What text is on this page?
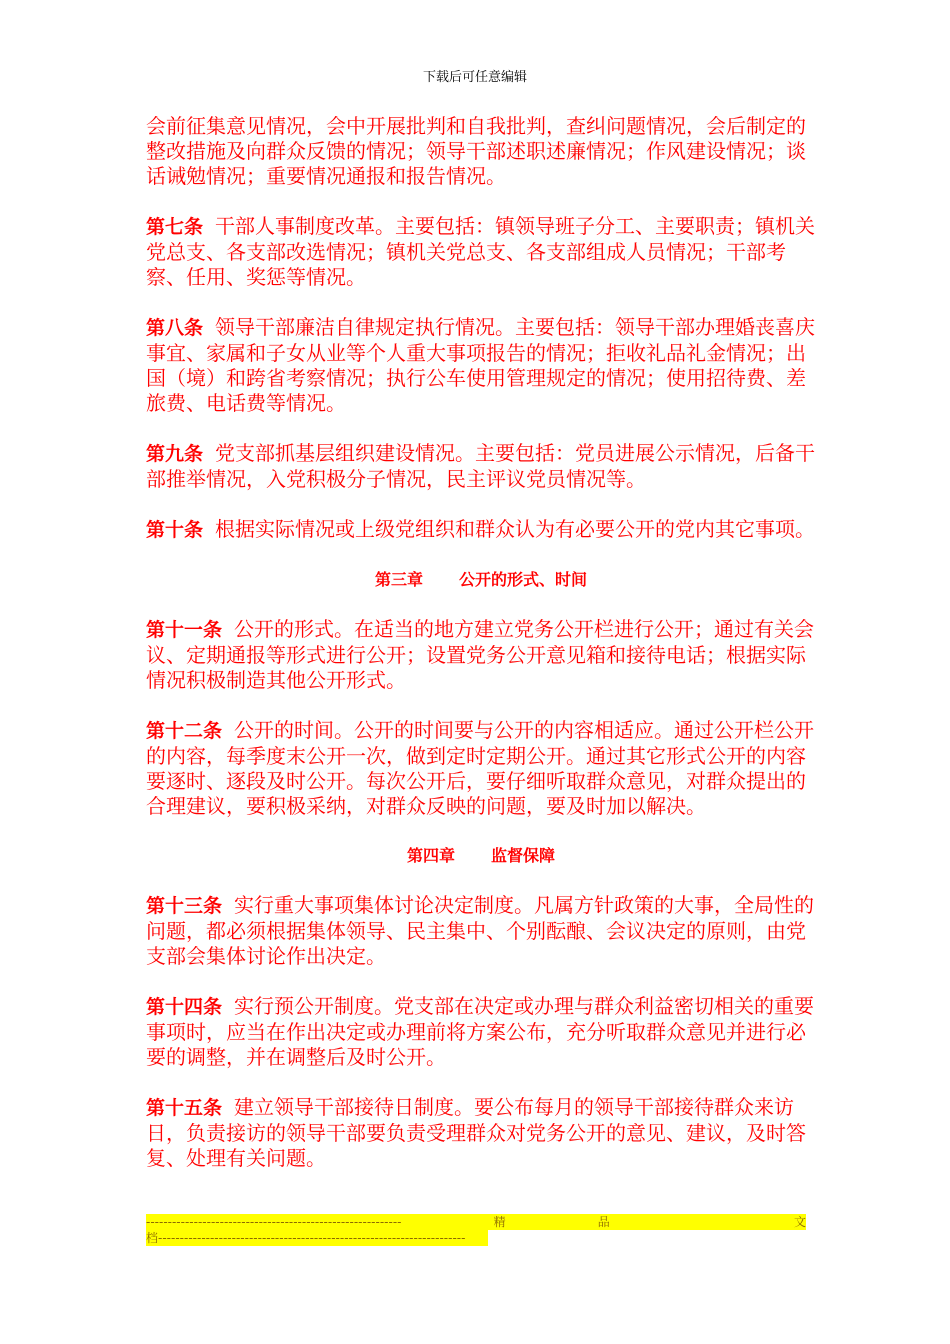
下载后可任意编辑

会前征集意见情况，会中开展批判和自我批判，查纠问题情况，会后制定的整改措施及向群众反馈的情况；领导干部述职述廉情况；作风建设情况；谈话诫勉情况；重要情况通报和报告情况。

第七条 干部人事制度改革。主要包括：镇领导班子分工、主要职责；镇机关党总支、各支部改选情况；镇机关党总支、各支部组成人员情况；干部考察、任用、奖惩等情况。

第八条 领导干部廉洁自律规定执行情况。主要包括：领导干部办理婚丧喜庆事宜、家属和子女从业等个人重大事项报告的情况；拒收礼品礼金情况；出国（境）和跨省考察情况；执行公车使用管理规定的情况；使用招待费、差旅费、电话费等情况。

第九条 党支部抓基层组织建设情况。主要包括：党员进展公示情况，后备干部推举情况，入党积极分子情况，民主评议党员情况等。

第十条 根据实际情况或上级党组织和群众认为有必要公开的党内其它事项。

第三章 公开的形式、时间

第十一条 公开的形式。在适当的地方建立党务公开栏进行公开；通过有关会议、定期通报等形式进行公开；设置党务公开意见箱和接待电话；根据实际情况积极制造其他公开形式。

第十二条 公开的时间。公开的时间要与公开的内容相适应。通过公开栏公开的内容，每季度末公开一次，做到定时定期公开。通过其它形式公开的内容要逐时、逐段及时公开。每次公开后，要仔细听取群众意见，对群众提出的合理建议，要积极采纳，对群众反映的问题，要及时加以解决。

第四章 监督保障

第十三条 实行重大事项集体讨论决定制度。凡属方针政策的大事，全局性的问题，都必须根据集体领导、民主集中、个别酝酿、会议决定的原则，由党支部会集体讨论作出决定。

第十四条 实行预公开制度。党支部在决定或办理与群众利益密切相关的重要事项时，应当在作出决定或办理前将方案公布，充分听取群众意见并进行必要的调整，并在调整后及时公开。

第十五条 建立领导干部接待日制度。要公布每月的领导干部接待群众来访日，负责接访的领导干部要负责受理群众对党务公开的意见、建议，及时答复、处理有关问题。

-----------------------------------------------------------	精	品	文
档-----------------------------------------------------------------------
